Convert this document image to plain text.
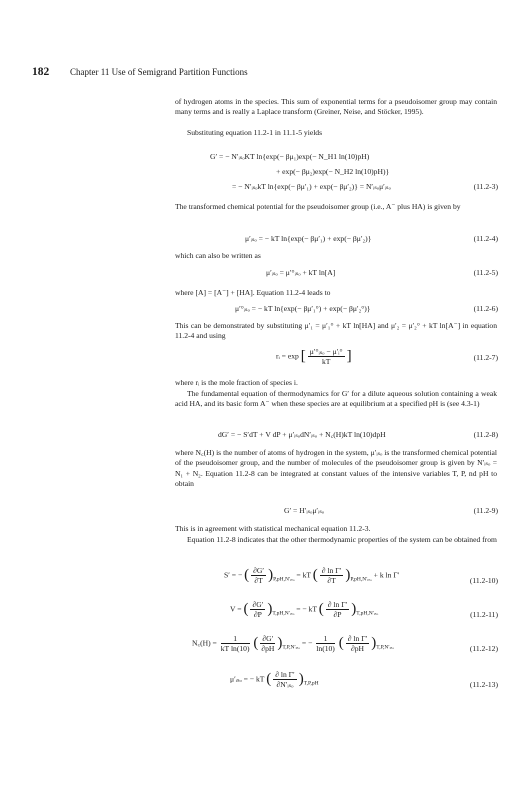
182 Chapter 11 Use of Semigrand Partition Functions
of hydrogen atoms in the species. This sum of exponential terms for a pseudoisomer group may contain many terms and is really a Laplace transform (Greiner, Neise, and Stöcker, 1995).
Substituting equation 11.2-1 in 11.1-5 yields
G′ = − N′ᵢₛₒKT ln{exp(− βμ₁)exp(− N_H1 ln(10)pH)
+ exp(− βμ₂)exp(− N_H2 ln(10)pH)}
= − N′ᵢₛₒkT ln{exp(− βμ′₁) + exp(− βμ′₂)} = N′ᵢₛₒμ′ᵢₛₒ	(11.2-3)
The transformed chemical potential for the pseudoisomer group (i.e., A⁻ plus HA) is given by
μ′ᵢₛₒ = − kT ln{exp(− βμ′₁) + exp(− βμ′₂)}	(11.2-4)
which can also be written as
μ′ᵢₛₒ = μ′°ᵢₛₒ + kT ln[A]	(11.2-5)
where [A] = [A⁻] + [HA]. Equation 11.2-4 leads to
μ′°ᵢₛₒ = − kT ln{exp(− βμ′₁°) + exp(− βμ′₂°)}	(11.2-6)
This can be demonstrated by substituting μ′₁ = μ′₁° + kT ln[HA] and μ′₂ = μ′₂° + kT ln[A⁻] in equation 11.2-4 and using
rᵢ = exp [ $\frac{\text{μ′°ᵢₛₒ − μ′ᵢ°}}{kT}$ ]	(11.2-7)
where rᵢ is the mole fraction of species i.
The fundamental equation of thermodynamics for G′ for a dilute aqueous solution containing a weak acid HA, and its basic form A⁻ when these species are at equilibrium at a specified pH is (see 4.3-1)
dG′ = − S′dT + V dP + μ′ᵢₛₒdN′ᵢₛₒ + N꜀(H)kT ln(10)dpH	(11.2-8)
where N꜀(H) is the number of atoms of hydrogen in the system, μ′ᵢₛₒ is the transformed chemical potential of the pseudoisomer group, and the number of molecules of the pseudoisomer group is given by N′ᵢₛₒ = N₁ + N₂. Equation 11.2-8 can be integrated at constant values of the intensive variables T, P, nd pH to obtain
G′ = H′ᵢₛₒμ′ᵢₛₒ	(11.2-9)
This is in agreement with statistical mechanical equation 11.2-3.
Equation 11.2-8 indicates that the other thermodynamic properties of the system can be obtained from
S′ = − ( $\frac{\partial G'}{\partial T} )_{P,pH,N'ᵢ_{so}}$ = kT ( $\frac{\text{∂ ln Γ′}}{\partial T} )_{P,pH,N'ᵢ_{so}} + k$ ln Γ′
(11.2-10)
V = ( $\frac{\partial G'}{\partial P} )_{T,pH,N'ᵢ_{so}}$ = − kT ( $\frac{\text{∂ ln Γ′}}{\partial P} )_{T,pH,N'ᵢ_{so}}$	(11.2-11)
N꜀(H) = $\frac{1}{\text{kT ln(10)}}$ ( $\frac{\partial G'}{\partial pH} )_{T,P,N'ᵢ_{so}}$ = − $\frac{1}{\ln(10)}$ ( $\frac{\text{∂ ln Γ′}}{\partial pH} )_{T,P,N'ᵢ_{so}}$	(11.2-12)
μ′ᵢₛₒ = − kT ( $\frac{\text{∂ ln Γ′}}{\text{∂N′ᵢₛₒ}} )_{T,P,pH}$	(11.2-13)
